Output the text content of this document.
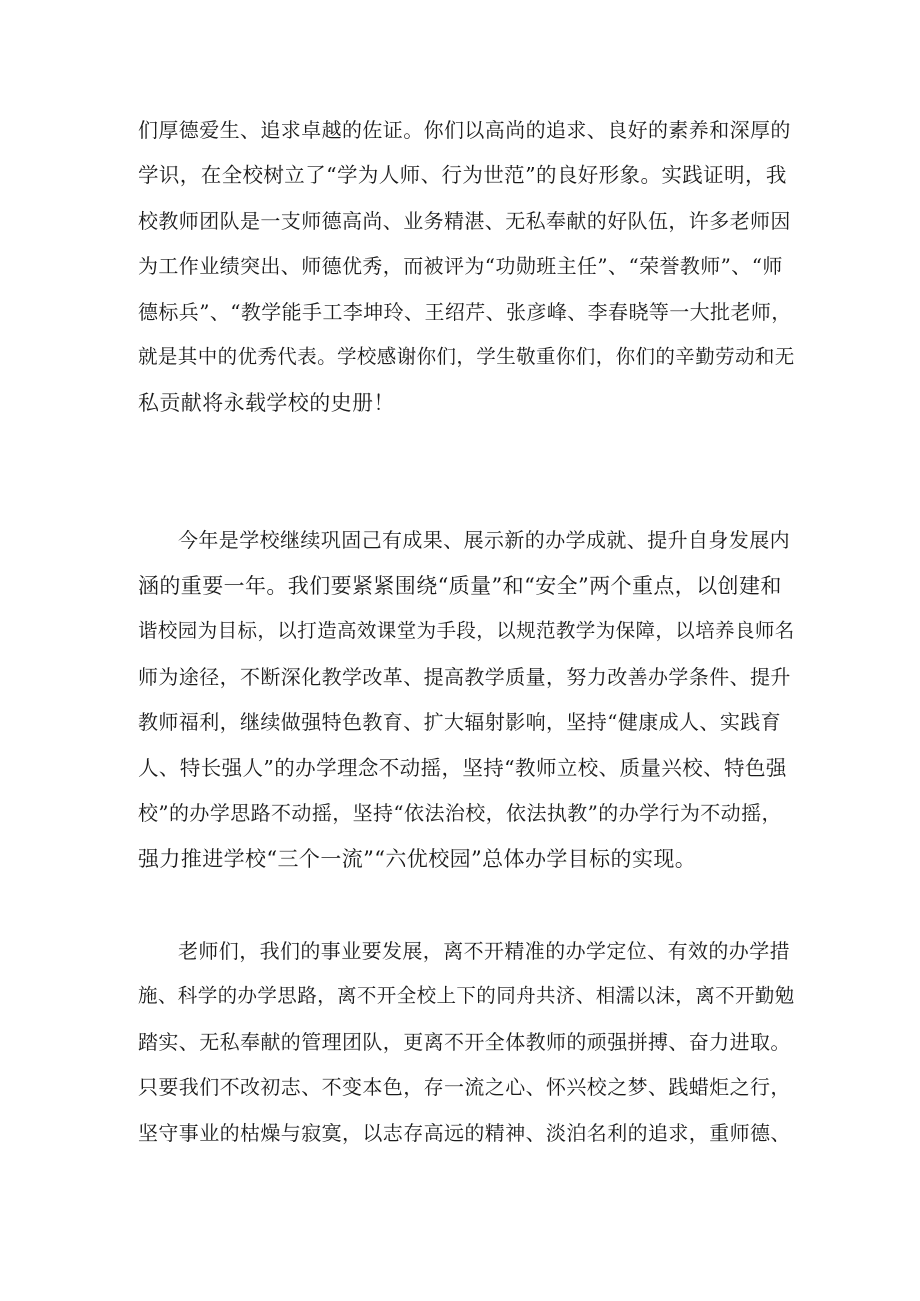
们厚德爱生、追求卓越的佐证。你们以高尚的追求、良好的素养和深厚的
学识，在全校树立了“学为人师、行为世范”的良好形象。实践证明，我
校教师团队是一支师德高尚、业务精湛、无私奉献的好队伍，许多老师因
为工作业绩突出、师德优秀，而被评为“功勋班主任”、“荣誉教师”、“师
德标兵”、“教学能手工李坤玲、王绍芹、张彦峰、李春晓等一大批老师，
就是其中的优秀代表。学校感谢你们，学生敬重你们，你们的辛勤劳动和无
私贡献将永载学校的史册！
今年是学校继续巩固己有成果、展示新的办学成就、提升自身发展内
涵的重要一年。我们要紧紧围绕“质量”和“安全”两个重点，以创建和
谐校园为目标，以打造高效课堂为手段，以规范教学为保障，以培养良师名
师为途径，不断深化教学改革、提高教学质量，努力改善办学条件、提升
教师福利，继续做强特色教育、扩大辐射影响，坚持“健康成人、实践育
人、特长强人”的办学理念不动摇，坚持“教师立校、质量兴校、特色强
校”的办学思路不动摇，坚持“依法治校，依法执教”的办学行为不动摇，
强力推进学校“三个一流”“六优校园”总体办学目标的实现。
老师们，我们的事业要发展，离不开精准的办学定位、有效的办学措
施、科学的办学思路，离不开全校上下的同舟共济、相濡以沫，离不开勤勉
踏实、无私奉献的管理团队，更离不开全体教师的顽强拼搏、奋力进取。
只要我们不改初志、不变本色，存一流之心、怀兴校之梦、践蜡炬之行，
坚守事业的枯燥与寂寞，以志存高远的精神、淡泊名利的追求，重师德、
